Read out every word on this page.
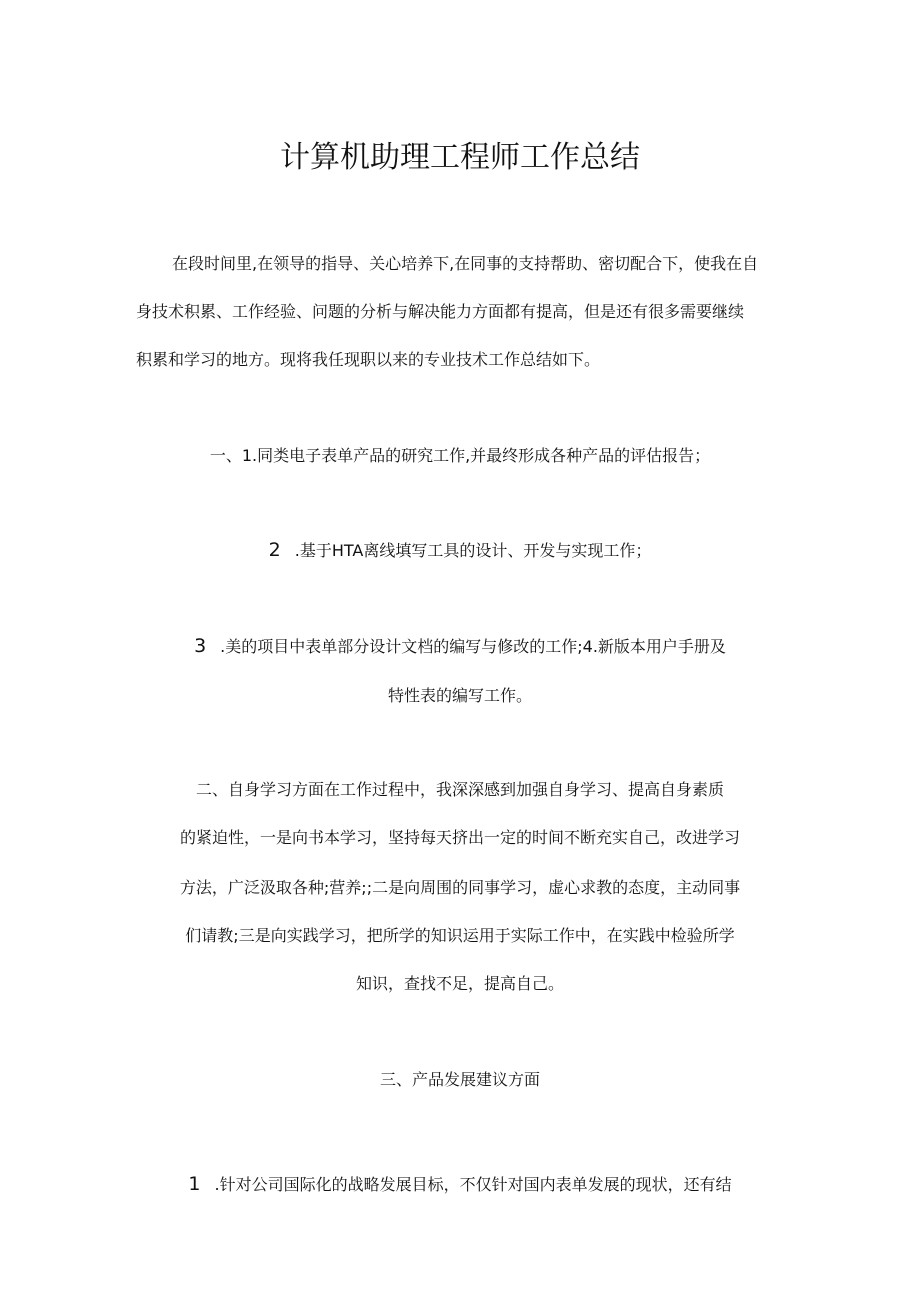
计算机助理工程师工作总结
在段时间里,在领导的指导、关心培养下,在同事的支持帮助、密切配合下，使我在自
身技术积累、工作经验、问题的分析与解决能力方面都有提高，但是还有很多需要继续
积累和学习的地方。现将我任现职以来的专业技术工作总结如下。
一、1.同类电子表单产品的研究工作,并最终形成各种产品的评估报告；
2 .基于HTA离线填写工具的设计、开发与实现工作；
3 .美的项目中表单部分设计文档的编写与修改的工作;4.新版本用户手册及
特性表的编写工作。
二、自身学习方面在工作过程中，我深深感到加强自身学习、提高自身素质
的紧迫性，一是向书本学习，坚持每天挤出一定的时间不断充实自己，改进学习
方法，广泛汲取各种;营养;;二是向周围的同事学习，虚心求教的态度，主动同事
们请教;三是向实践学习，把所学的知识运用于实际工作中，在实践中检验所学
知识，查找不足，提高自己。
三、产品发展建议方面
1 .针对公司国际化的战略发展目标，不仅针对国内表单发展的现状，还有结
